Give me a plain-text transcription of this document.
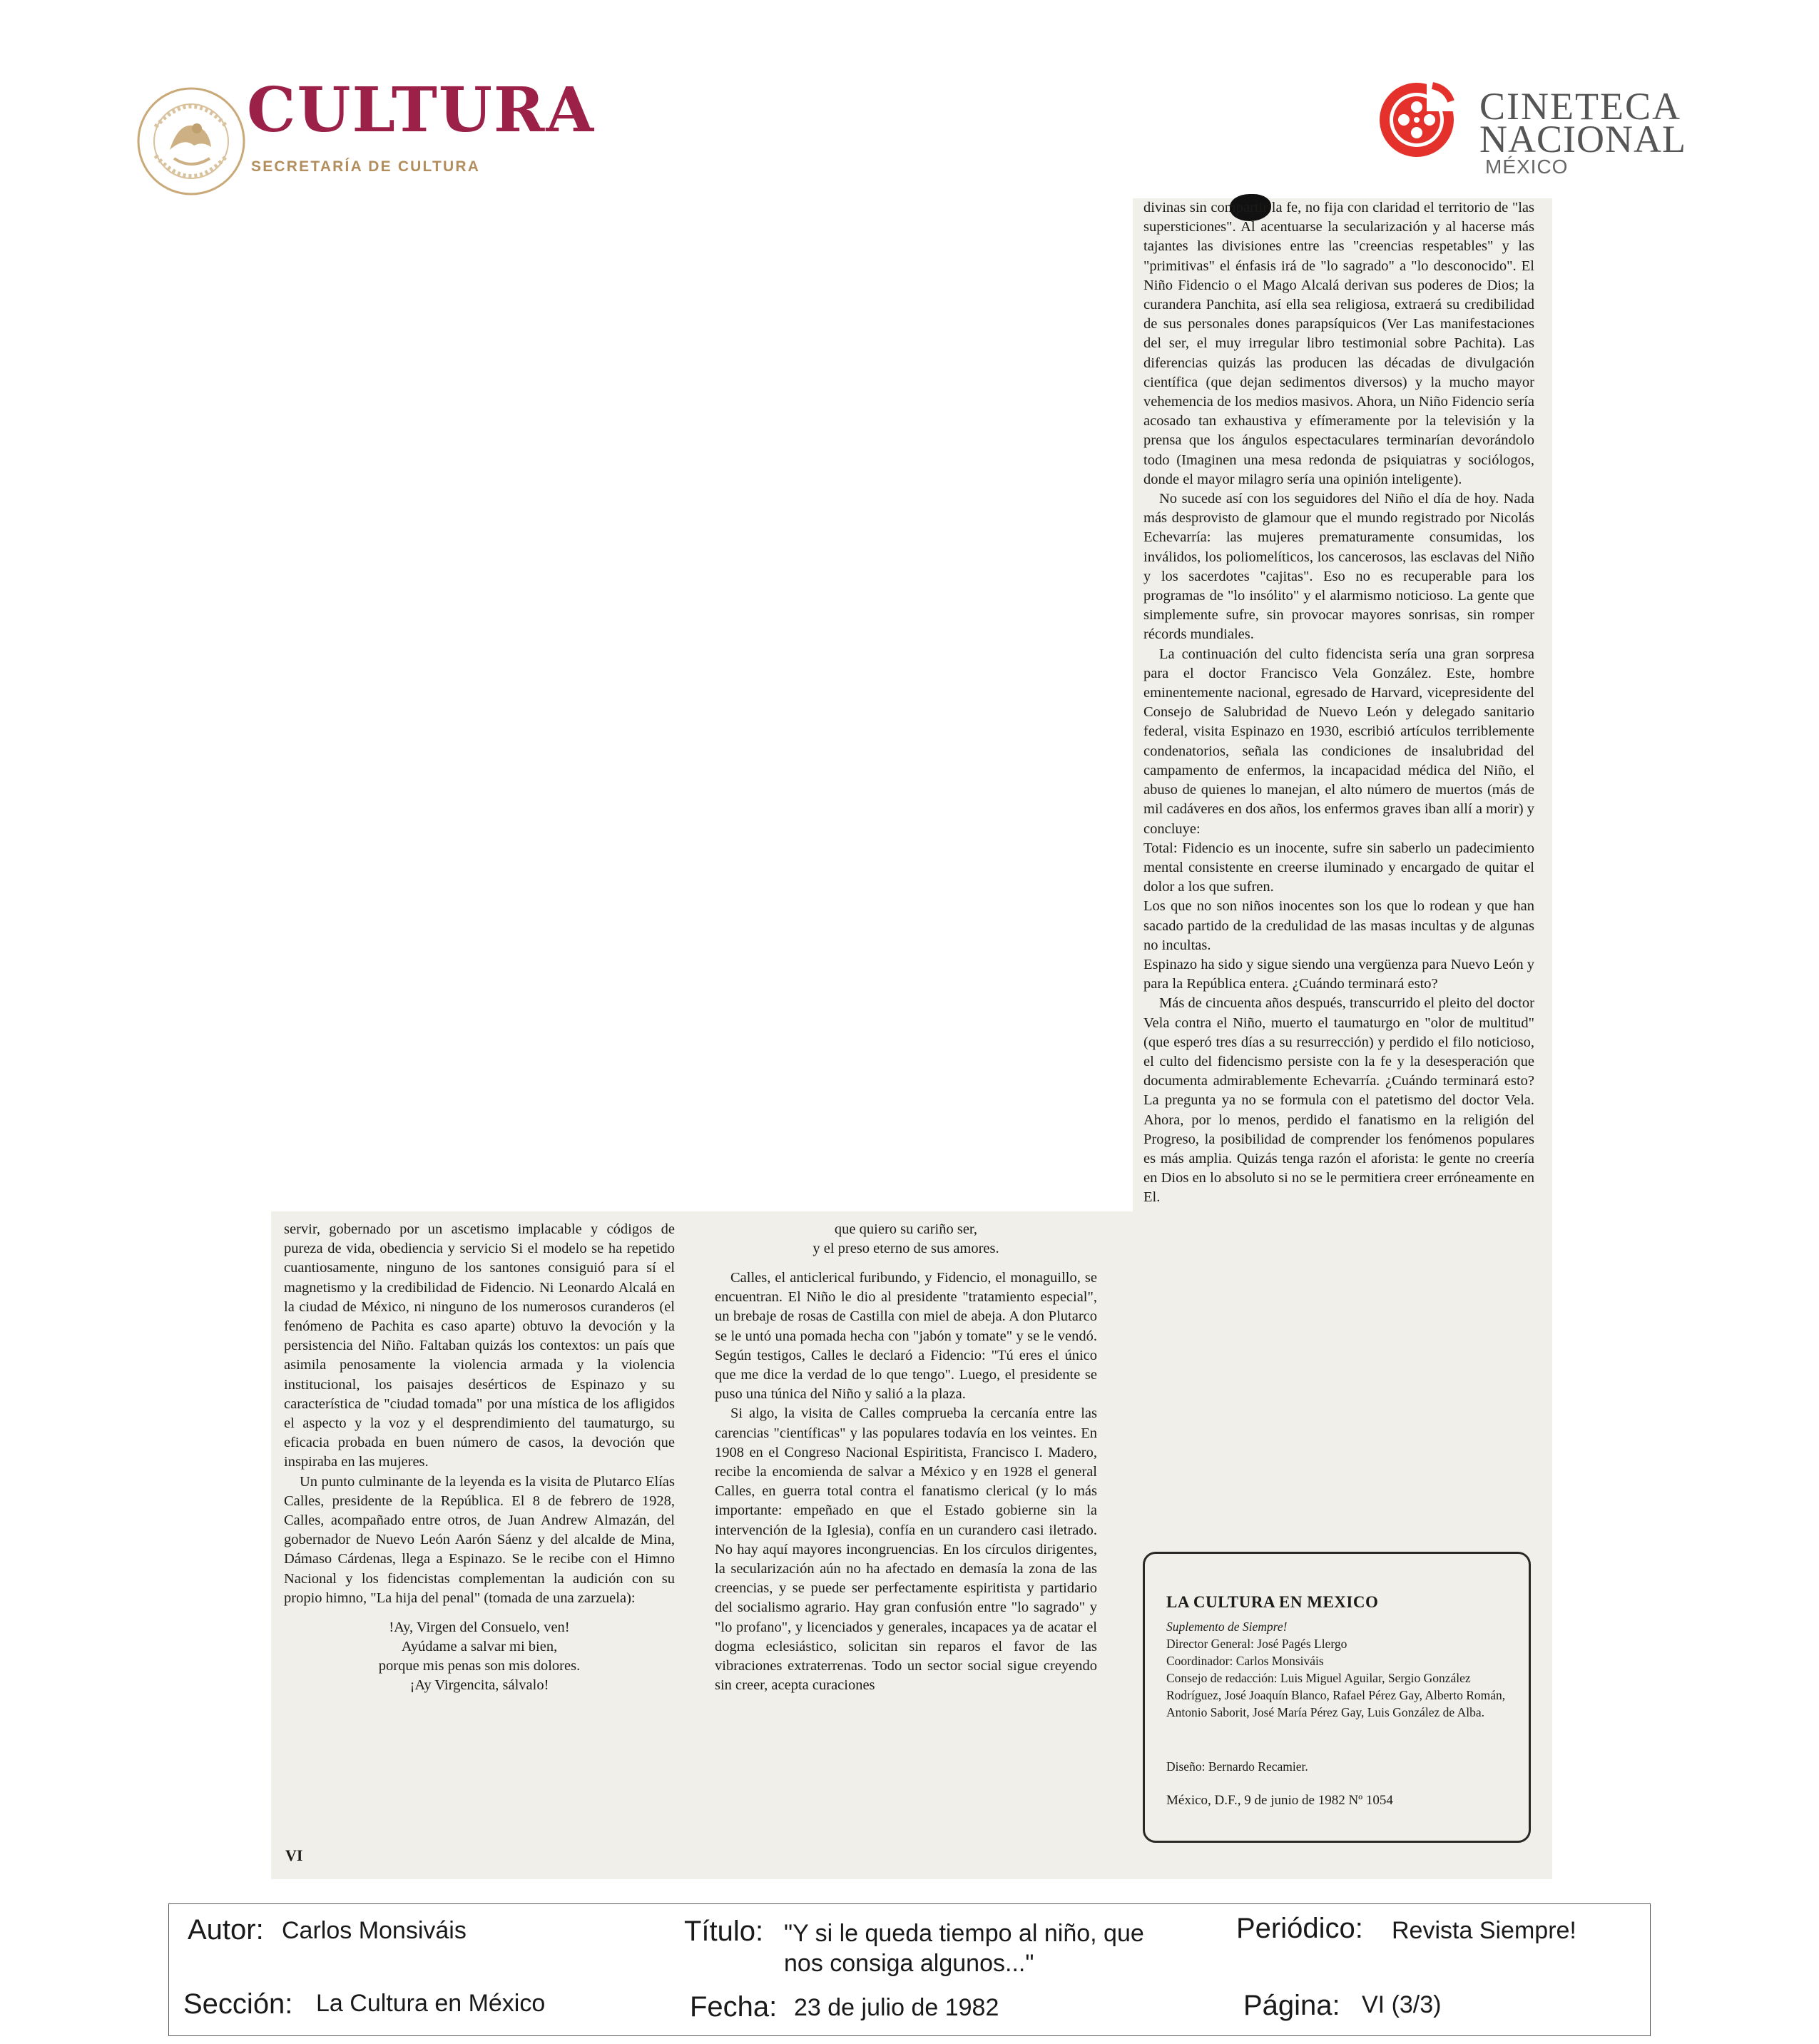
CULTURA
SECRETARÍA DE CULTURA
CINETECA
NACIONAL
MÉXICO

divinas sin compartir la fe, no fija con claridad el territorio de "las supersticiones". Al acentuarse la secularización y al hacerse más tajantes las divisiones entre las "creencias respetables" y las "primitivas" el énfasis irá de "lo sagrado" a "lo desconocido". El Niño Fidencio o el Mago Alcalá derivan sus poderes de Dios; la curandera Panchita, así ella sea religiosa, extraerá su credibilidad de sus personales dones parapsíquicos (Ver Las manifestaciones del ser, el muy irregular libro testimonial sobre Pachita). Las diferencias quizás las producen las décadas de divulgación científica (que dejan sedimentos diversos) y la mucho mayor vehemencia de los medios masivos. Ahora, un Niño Fidencio sería acosado tan exhaustiva y efímeramente por la televisión y la prensa que los ángulos espectaculares terminarían devorándolo todo (Imaginen una mesa redonda de psiquiatras y sociólogos, donde el mayor milagro sería una opinión inteligente).

No sucede así con los seguidores del Niño el día de hoy. Nada más desprovisto de glamour que el mundo registrado por Nicolás Echevarría: las mujeres prematuramente consumidas, los inválidos, los poliomelíticos, los cancerosos, las esclavas del Niño y los sacerdotes "cajitas". Eso no es recuperable para los programas de "lo insólito" y el alarmismo noticioso. La gente que simplemente sufre, sin provocar mayores sonrisas, sin romper récords mundiales.

La continuación del culto fidencista sería una gran sorpresa para el doctor Francisco Vela González. Este, hombre eminentemente nacional, egresado de Harvard, vicepresidente del Consejo de Salubridad de Nuevo León y delegado sanitario federal, visita Espinazo en 1930, escribió artículos terriblemente condenatorios, señala las condiciones de insalubridad del campamento de enfermos, la incapacidad médica del Niño, el abuso de quienes lo manejan, el alto número de muertos (más de mil cadáveres en dos años, los enfermos graves iban allí a morir) y concluye:

Total: Fidencio es un inocente, sufre sin saberlo un padecimiento mental consistente en creerse iluminado y encargado de quitar el dolor a los que sufren.

Los que no son niños inocentes son los que lo rodean y que han sacado partido de la credulidad de las masas incultas y de algunas no incultas.

Espinazo ha sido y sigue siendo una vergüenza para Nuevo León y para la República entera. ¿Cuándo terminará esto?

Más de cincuenta años después, transcurrido el pleito del doctor Vela contra el Niño, muerto el taumaturgo en "olor de multitud"(que esperó tres días a su resurrección) y perdido el filo noticioso, el culto del fidencismo persiste con la fe y la desesperación que documenta admirablemente Echevarría. ¿Cuándo terminará esto? La pregunta ya no se formula con el patetismo del doctor Vela. Ahora, por lo menos, perdido el fanatismo en la religión del Progreso, la posibilidad de comprender los fenómenos populares es más amplia. Quizás tenga razón el aforista: le gente no creería en Dios en lo absoluto si no se le permitiera creer erróneamente en El.

servir, gobernado por un ascetismo implacable y códigos de pureza de vida, obediencia y servicio Si el modelo se ha repetido cuantiosamente, ninguno de los santones consiguió para sí el magnetismo y la credibilidad de Fidencio. Ni Leonardo Alcalá en la ciudad de México, ni ninguno de los numerosos curanderos (el fenómeno de Pachita es caso aparte) obtuvo la devoción y la persistencia del Niño. Faltaban quizás los contextos: un país que asimila penosamente la violencia armada y la violencia institucional, los paisajes desérticos de Espinazo y su característica de "ciudad tomada" por una mística de los afligidos el aspecto y la voz y el desprendimiento del taumaturgo, su eficacia probada en buen número de casos, la devoción que inspiraba en las mujeres.

Un punto culminante de la leyenda es la visita de Plutarco Elías Calles, presidente de la República. El 8 de febrero de 1928, Calles, acompañado entre otros, de Juan Andrew Almazán, del gobernador de Nuevo León Aarón Sáenz y del alcalde de Mina, Dámaso Cárdenas, llega a Espinazo. Se le recibe con el Himno Nacional y los fidencistas complementan la audición con su propio himno, "La hija del penal" (tomada de una zarzuela):

!Ay, Virgen del Consuelo, ven!
Ayúdame a salvar mi bien,
porque mis penas son mis dolores.
¡Ay Virgencita, sálvalo!
que quiero su cariño ser,
y el preso eterno de sus amores.

Calles, el anticlerical furibundo, y Fidencio, el monaguillo, se encuentran. El Niño le dio al presidente "tratamiento especial", un brebaje de rosas de Castilla con miel de abeja. A don Plutarco se le untó una pomada hecha con "jabón y tomate" y se le vendó. Según testigos, Calles le declaró a Fidencio: "Tú eres el único que me dice la verdad de lo que tengo". Luego, el presidente se puso una túnica del Niño y salió a la plaza.

Si algo, la visita de Calles comprueba la cercanía entre las carencias "científicas" y las populares todavía en los veintes. En 1908 en el Congreso Nacional Espiritista, Francisco I. Madero, recibe la encomienda de salvar a México y en 1928 el general Calles, en guerra total contra el fanatismo clerical (y lo más importante: empeñado en que el Estado gobierne sin la intervención de la Iglesia), confía en un curandero casi iletrado. No hay aquí mayores incongruencias. En los círculos dirigentes, la secularización aún no ha afectado en demasía la zona de las creencias, y se puede ser perfectamente espiritista y partidario del socialismo agrario. Hay gran confusión entre "lo sagrado" y "lo profano", y licenciados y generales, incapaces ya de acatar el dogma eclesiástico, solicitan sin reparos el favor de las vibraciones extraterrenas. Todo un sector social sigue creyendo sin creer, acepta curaciones

VI
LA CULTURA EN MEXICO
Suplemento de Siempre!
Director General: José Pagés Llergo
Coordinador: Carlos Monsiváis
Consejo de redacción: Luis Miguel Aguilar, Sergio González Rodríguez, José Joaquín Blanco, Rafael Pérez Gay, Alberto Román, Antonio Saborit, José María Pérez Gay, Luis González de Alba.
Diseño: Bernardo Recamier.
México, D.F., 9 de junio de 1982 Nº 1054
Autor: Carlos Monsiváis	Título: "Y si le queda tiempo al niño, que
nos consiga algunos..."
Periódico: Revista Siempre!
Sección: La Cultura en México	Fecha: 23 de julio de 1982	Página: VI (3/3)
